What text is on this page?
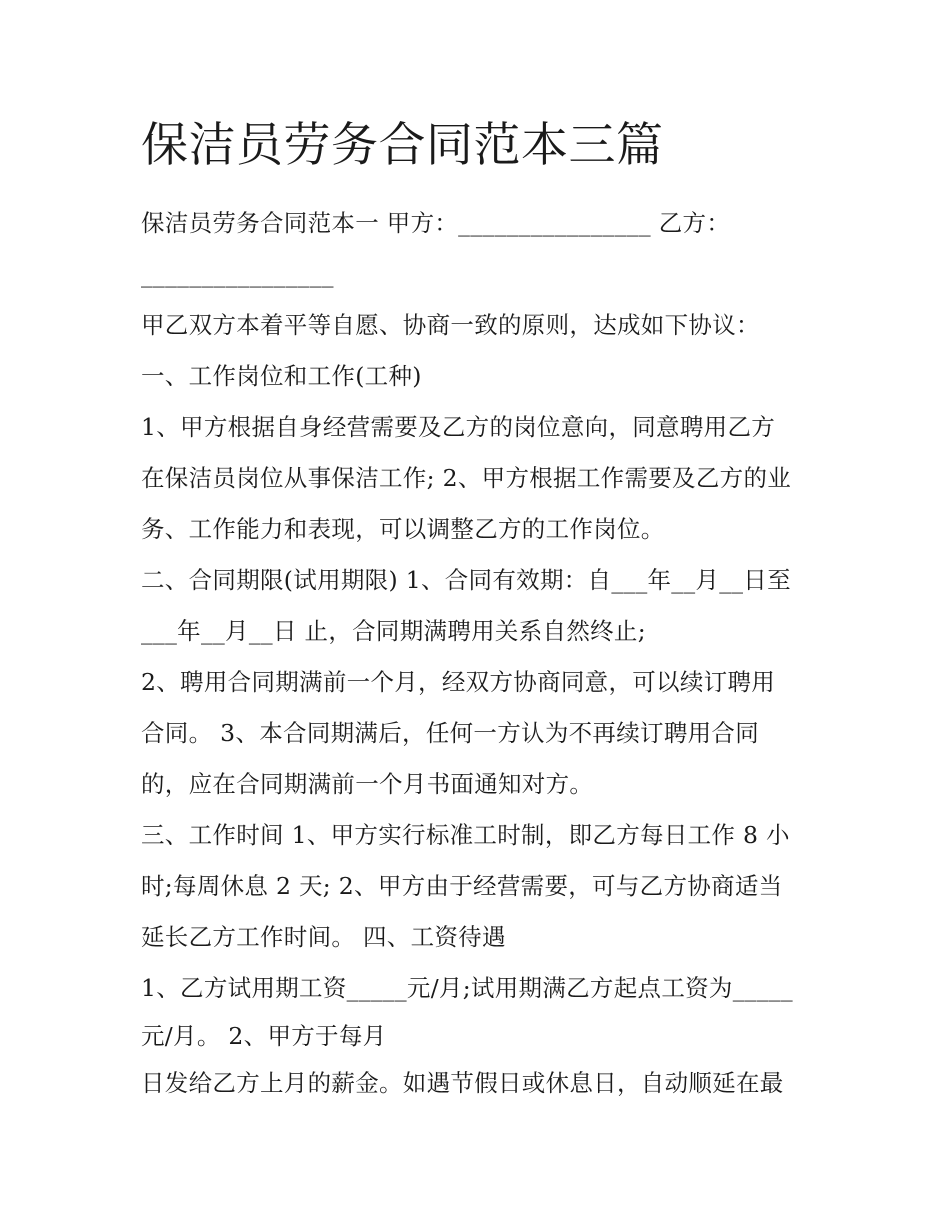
保洁员劳务合同范本三篇
保洁员劳务合同范本一 甲方：________________ 乙方：
________________
甲乙双方本着平等自愿、协商一致的原则，达成如下协议：
一、工作岗位和工作(工种)
1、甲方根据自身经营需要及乙方的岗位意向，同意聘用乙方
在保洁员岗位从事保洁工作; 2、甲方根据工作需要及乙方的业
务、工作能力和表现，可以调整乙方的工作岗位。
二、合同期限(试用期限) 1、合同有效期：自___年__月__日至
___年__月__日 止，合同期满聘用关系自然终止;
2、聘用合同期满前一个月，经双方协商同意，可以续订聘用
合同。 3、本合同期满后，任何一方认为不再续订聘用合同
的，应在合同期满前一个月书面通知对方。
三、工作时间 1、甲方实行标准工时制，即乙方每日工作 8 小
时;每周休息 2 天; 2、甲方由于经营需要，可与乙方协商适当
延长乙方工作时间。 四、工资待遇
1、乙方试用期工资_____元/月;试用期满乙方起点工资为_____
元/月。 2、甲方于每月
日发给乙方上月的薪金。如遇节假日或休息日，自动顺延在最
